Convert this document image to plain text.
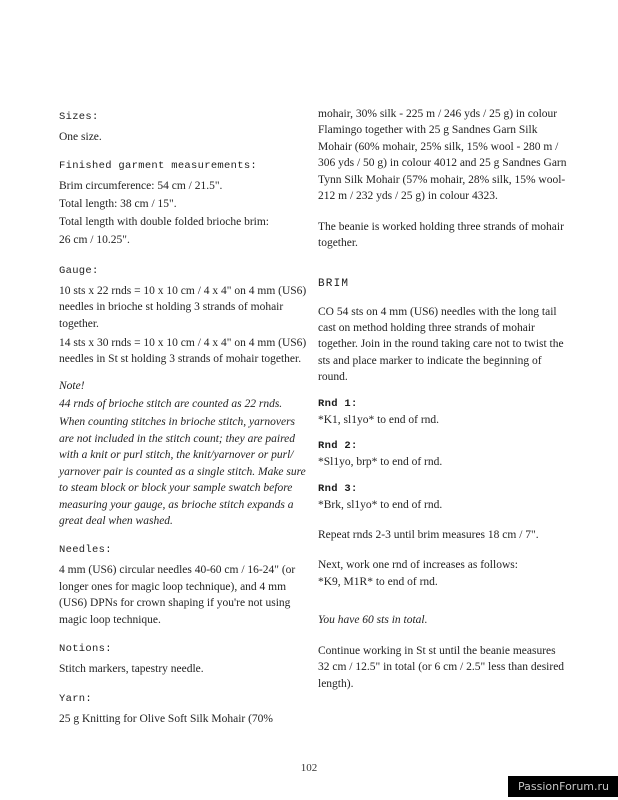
Sizes:

One size.

Finished garment measurements:
Brim circumference: 54 cm / 21.5".
Total length: 38 cm / 15".
Total length with double folded brioche brim:
26 cm / 10.25".
Gauge:

10 sts x 22 rnds = 10 x 10 cm / 4 x 4" on 4 mm (US6) needles in brioche st holding 3 strands of mohair together.

14 sts x 30 rnds = 10 x 10 cm / 4 x 4" on 4 mm (US6) needles in St st holding 3 strands of mohair together.

Note!

44 rnds of brioche stitch are counted as 22 rnds.

When counting stitches in brioche stitch, yarnovers are not included in the stitch count; they are paired with a knit or purl stitch, the knit/yarnover or purl/ yarnover pair is counted as a single stitch. Make sure to steam block or block your sample swatch before measuring your gauge, as brioche stitch expands a great deal when washed.

Needles:

4 mm (US6) circular needles 40-60 cm / 16-24" (or longer ones for magic loop technique), and 4 mm (US6) DPNs for crown shaping if you're not using magic loop technique.

Notions:

Stitch markers, tapestry needle.

Yarn:

25 g Knitting for Olive Soft Silk Mohair (70%

mohair, 30% silk - 225 m / 246 yds / 25 g) in colour Flamingo together with 25 g Sandnes Garn Silk Mohair (60% mohair, 25% silk, 15% wool - 280 m / 306 yds / 50 g) in colour 4012 and 25 g Sandnes Garn Tynn Silk Mohair (57% mohair, 28% silk, 15% wool- 212 m / 232 yds / 25 g) in colour 4323.

The beanie is worked holding three strands of mohair together.

BRIM

CO 54 sts on 4 mm (US6) needles with the long tail cast on method holding three strands of mohair together. Join in the round taking care not to twist the sts and place marker to indicate the beginning of round.

Rnd 1:
*K1, sl1yo* to end of rnd.
Rnd 2:
*Sl1yo, brp* to end of rnd.
Rnd 3:
*Brk, sl1yo* to end of rnd.

Repeat rnds 2-3 until brim measures 18 cm / 7".

Next, work one rnd of increases as follows:
*K9, M1R* to end of rnd.

You have 60 sts in total.

Continue working in St st until the beanie measures 32 cm / 12.5" in total (or 6 cm / 2.5" less than desired length).

102
PassionForum.ru
